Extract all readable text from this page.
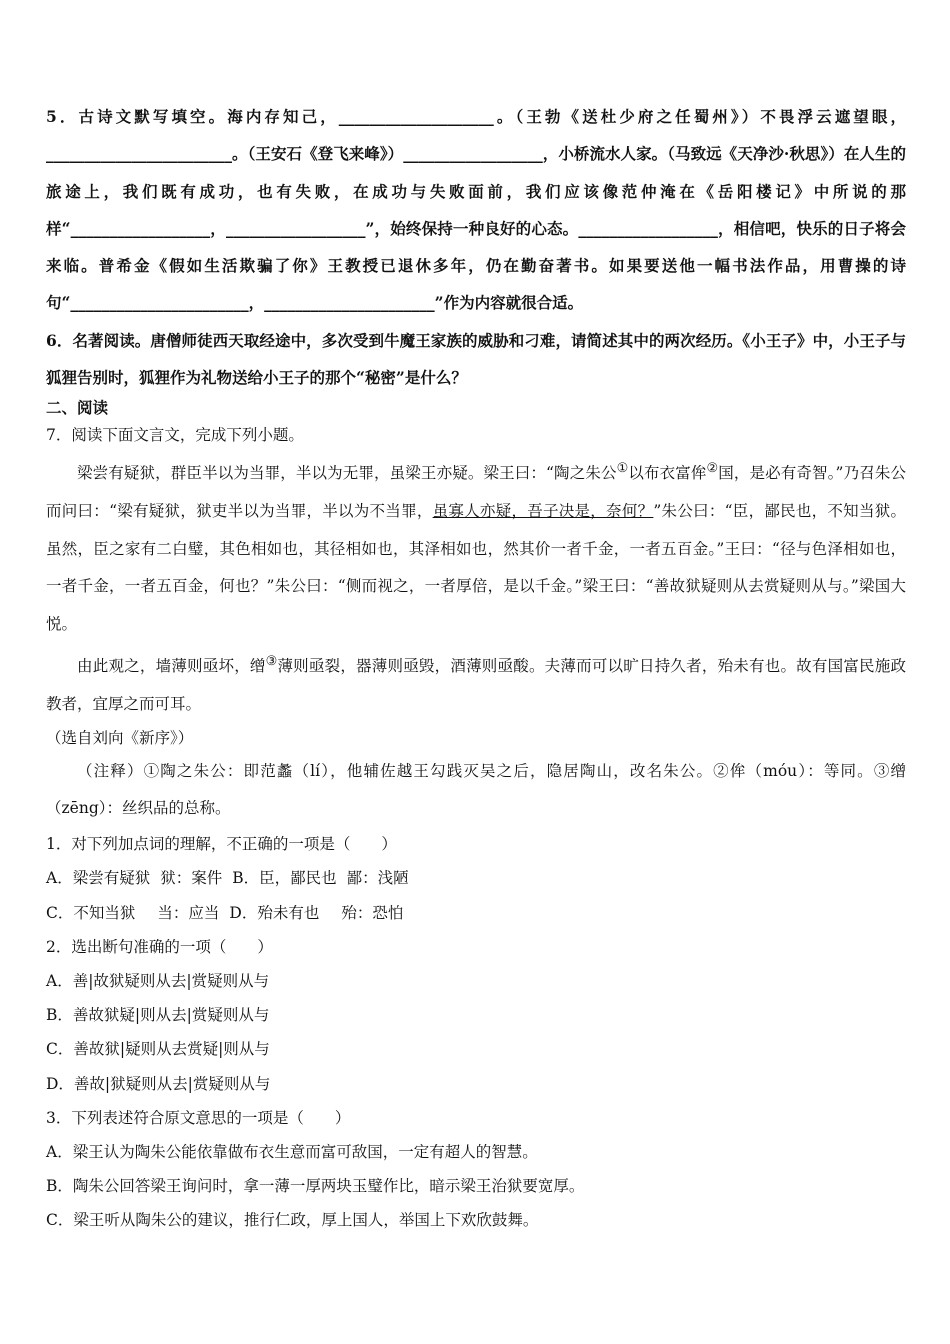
5．古诗文默写填空。海内存知己，____________________。（王勃《送杜少府之任蜀州》）不畏浮云遮望眼，________________________。（王安石《登飞来峰》）__________________，小桥流水人家。（马致远《天净沙·秋思》）在人生的旅途上，我们既有成功，也有失败，在成功与失败面前，我们应该像范仲淹在《岳阳楼记》中所说的那样“__________________，__________________”，始终保持一种良好的心态。__________________，相信吧，快乐的日子将会来临。普希金《假如生活欺骗了你》王教授已退休多年，仍在勤奋著书。如果要送他一幅书法作品，用曹操的诗句“_______________________，______________________”作为内容就很合适。
6．名著阅读。唐僧师徒西天取经途中，多次受到牛魔王家族的威胁和刁难，请简述其中的两次经历。《小王子》中，小王子与狐狸告别时，狐狸作为礼物送给小王子的那个“秘密”是什么？
二、阅读
7．阅读下面文言文，完成下列小题。
梁尝有疑狱，群臣半以为当罪，半以为无罪，虽梁王亦疑。梁王曰：“陶之朱公①以布衣富侔②国，是必有奇智。”乃召朱公而问曰：“梁有疑狱，狱吏半以为当罪，半以为不当罪，虽寡人亦疑，吾子决是，奈何？”朱公曰：“臣，鄙民也，不知当狱。虽然，臣之家有二白璧，其色相如也，其径相如也，其泽相如也，然其价一者千金，一者五百金。”王曰：“径与色泽相如也，一者千金，一者五百金，何也？”朱公曰：“侧而视之，一者厚倍，是以千金。”梁王曰：“善故狱疑则从去赏疑则从与。”梁国大悦。
由此观之，墙薄则亟坏，缯③薄则亟裂，器薄则亟毁，酒薄则亟酸。夫薄而可以旷日持久者，殆未有也。故有国富民施政教者，宜厚之而可耳。
（选自刘向《新序》）
（注释）①陶之朱公：即范蠡（lí），他辅佐越王勾践灭吴之后，隐居陶山，改名朱公。②侔（móu）：等同。③缯（zēng）：丝织品的总称。
1．对下列加点词的理解，不正确的一项是（　　）
A．梁尝有疑狱 狱：案件 B．臣，鄙民也 鄙：浅陋
C．不知当狱 当：应当 D．殆未有也 殆：恐怕
2．选出断句准确的一项（　　）
A．善|故狱疑则从去|赏疑则从与
B．善故狱疑|则从去|赏疑则从与
C．善故狱|疑则从去赏疑|则从与
D．善故|狱疑则从去|赏疑则从与
3．下列表述符合原文意思的一项是（　　）
A．梁王认为陶朱公能依靠做布衣生意而富可敌国，一定有超人的智慧。
B．陶朱公回答梁王询问时，拿一薄一厚两块玉璧作比，暗示梁王治狱要宽厚。
C．梁王听从陶朱公的建议，推行仁政，厚上国人，举国上下欢欣鼓舞。
